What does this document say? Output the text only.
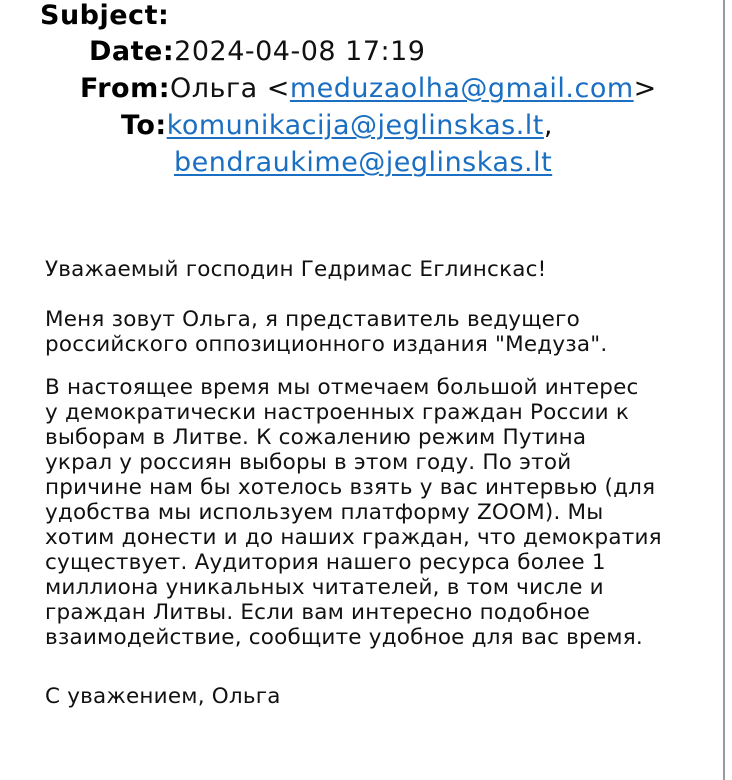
Subject:
Date: 2024-04-08 17:19
From: Ольга < meduzaolha@gmail.com >
To: komunikacija@jeglinskas.lt ,
bendraukime@jeglinskas.lt

Уважаемый господин Гедримас Еглинскас!

Меня зовут Ольга, я представитель ведущего
российского оппозиционного издания "Медуза".

В настоящее время мы отмечаем большой интерес
у демократически настроенных граждан России к
выборам в Литве. К сожалению режим Путина
украл у россиян выборы в этом году. По этой
причине нам бы хотелось взять у вас интервью (для
удобства мы используем платформу ZOOM). Мы
хотим донести и до наших граждан, что демократия
существует. Аудитория нашего ресурса более 1
миллиона уникальных читателей, в том числе и
граждан Литвы. Если вам интересно подобное
взаимодействие, сообщите удобное для вас время.

С уважением, Ольга
